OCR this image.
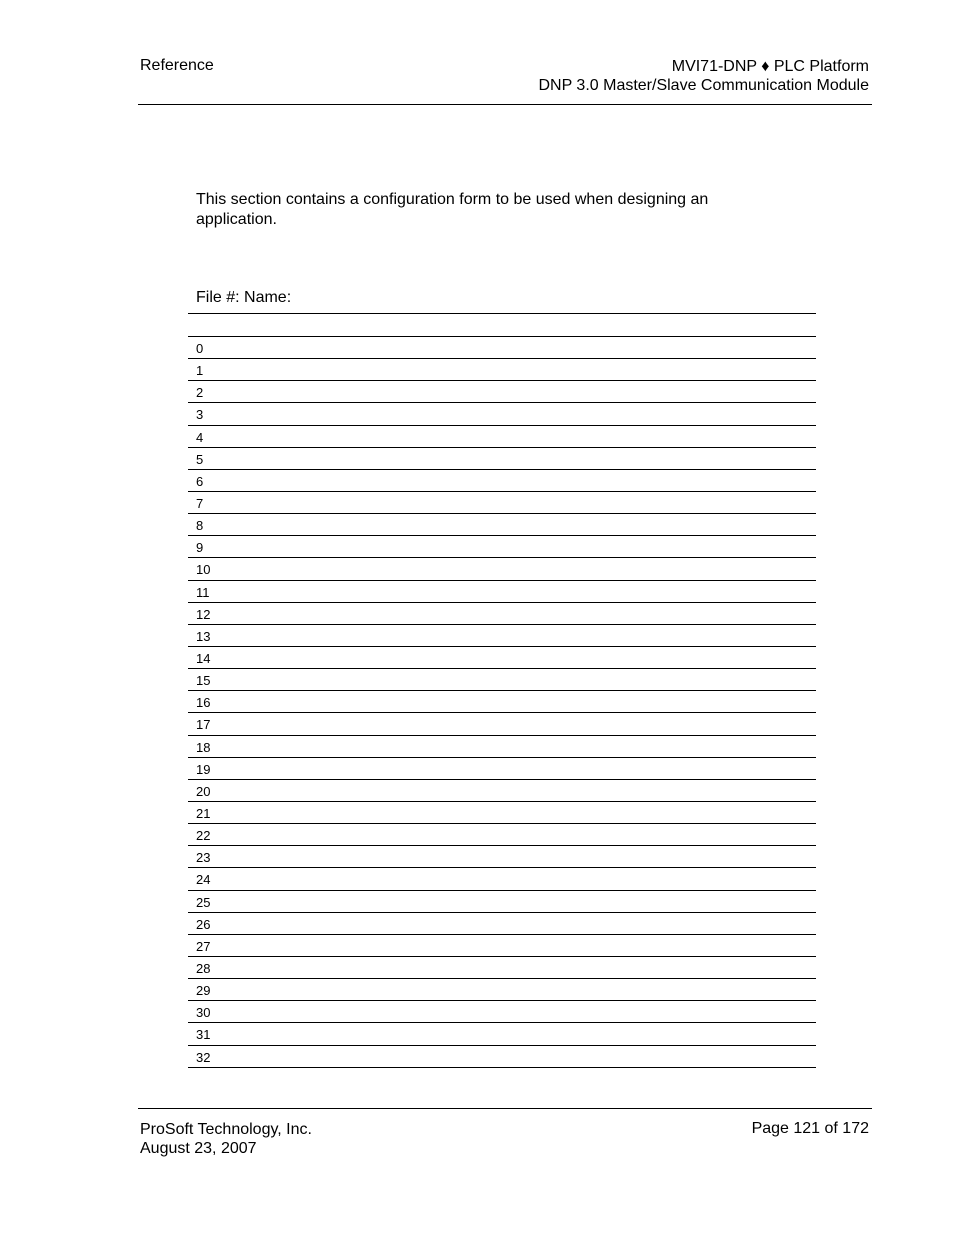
Reference	MVI71-DNP ♦ PLC Platform
DNP 3.0 Master/Slave Communication Module
This section contains a configuration form to be used when designing an application.
File #: Name:
0
1
2
3
4
5
6
7
8
9
10
11
12
13
14
15
16
17
18
19
20
21
22
23
24
25
26
27
28
29
30
31
32
ProSoft Technology, Inc.
August 23, 2007
Page 121 of 172
